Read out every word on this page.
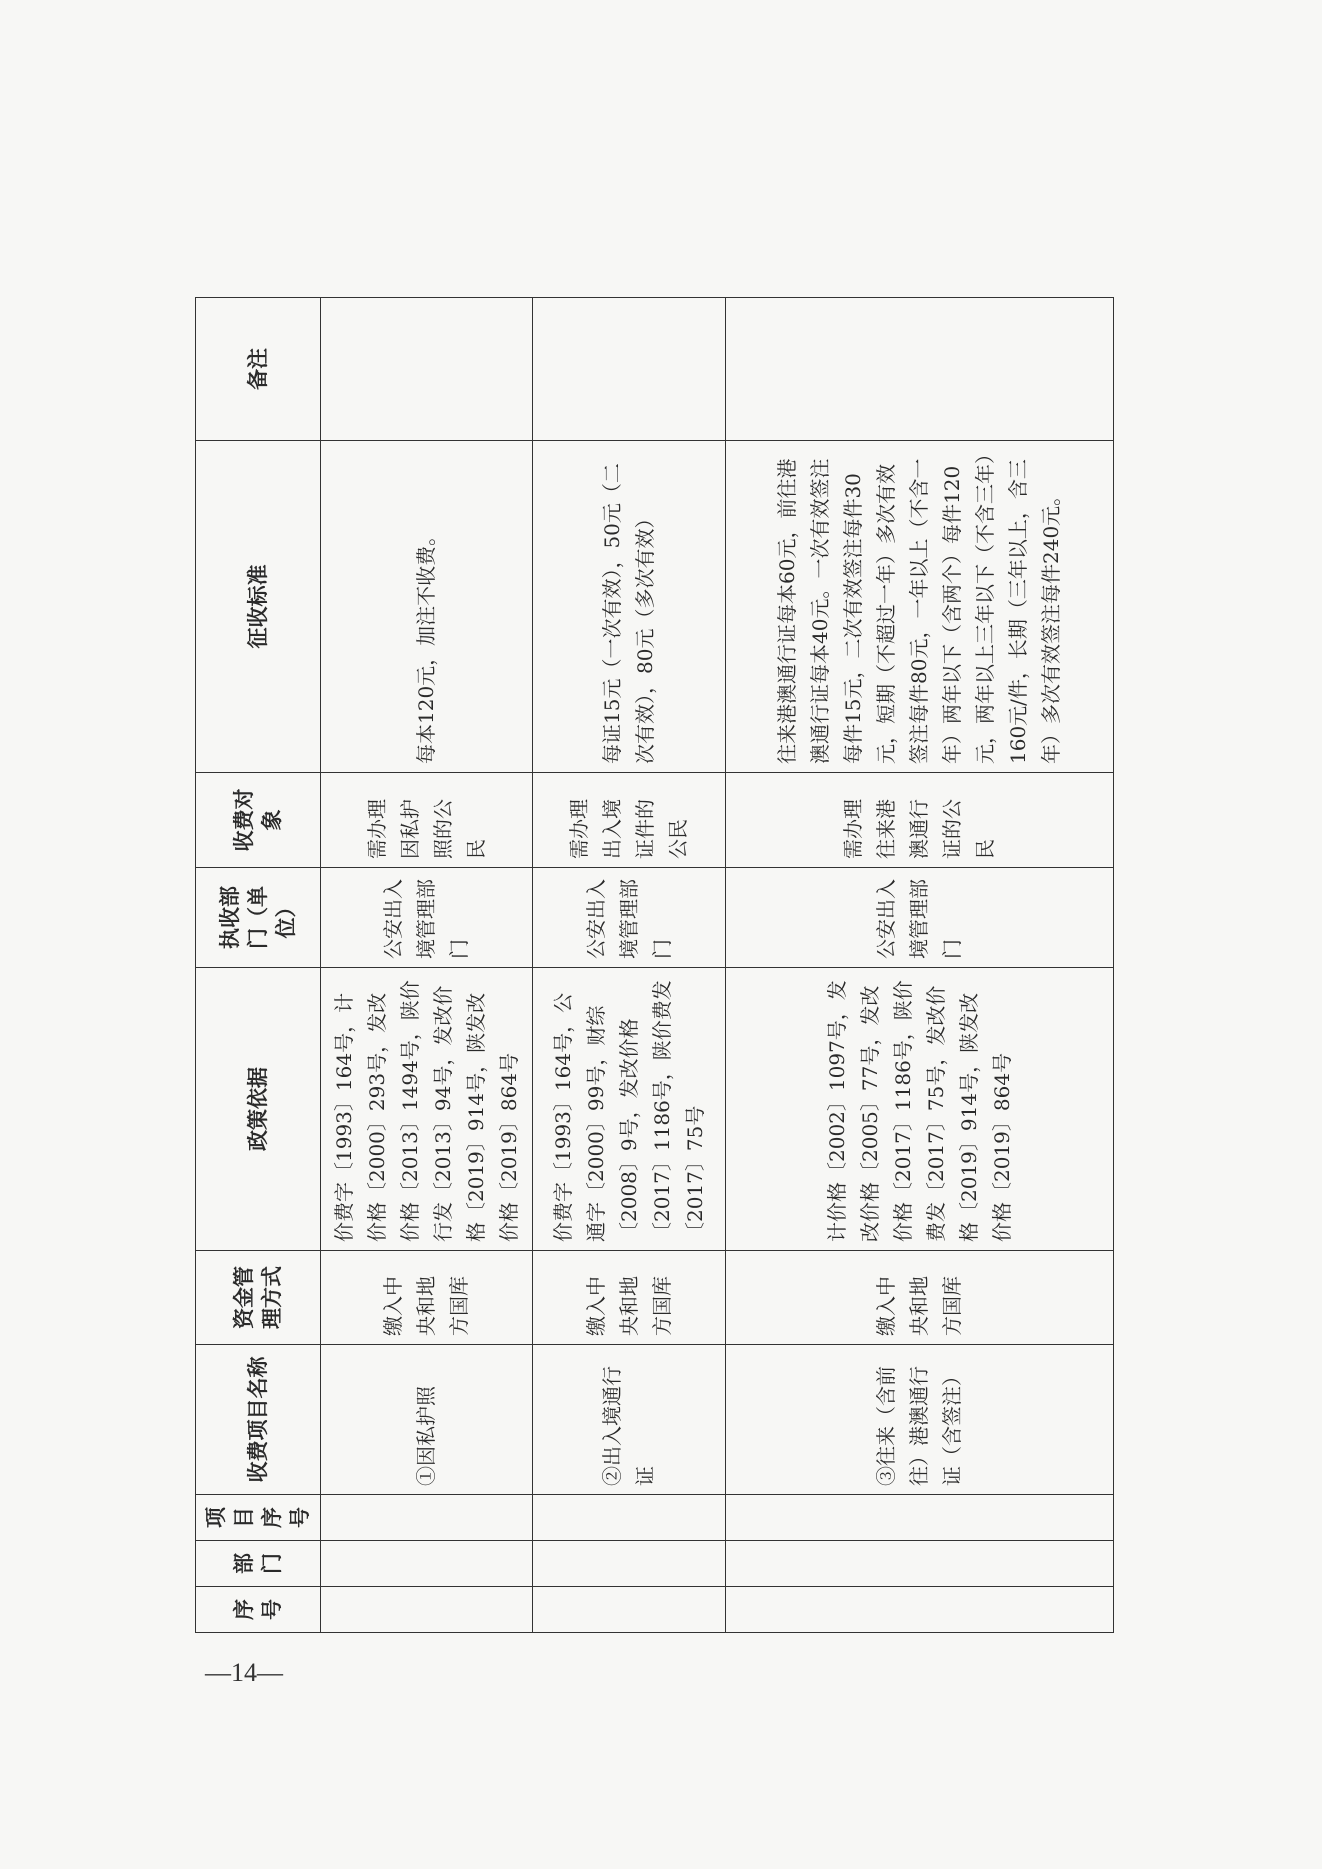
序号	部门	项目序号	收费项目名称	资金管理方式	政策依据	执收部门（单位）	收费对象	征收标准	备注
			①因私护照	缴入中央和地方国库	价费字〔1993〕164号，计价格〔2000〕293号，发改价格〔2013〕1494号，陕价行发〔2013〕94号，发改价格〔2019〕914号，陕发改价格〔2019〕864号	公安出入境管理部门	需办理因私护照的公民	每本120元，加注不收费。	
			②出入境通行证	缴入中央和地方国库	价费字〔1993〕164号，公通字〔2000〕99号，财综〔2008〕9号，发改价格〔2017〕1186号，陕价费发〔2017〕75号	公安出入境管理部门	需办理出入境证件的公民	每证15元（一次有效），50元（二次有效），80元（多次有效）	
			③往来（含前往）港澳通行证（含签注）	缴入中央和地方国库	计价格〔2002〕1097号，发改价格〔2005〕77号，发改价格〔2017〕1186号，陕价费发〔2017〕75号，发改价格〔2019〕914号，陕发改价格〔2019〕864号	公安出入境管理部门	需办理往来港澳通行证的公民	往来港澳通行证每本60元，前往港澳通行证每本40元。一次有效签注每件15元，二次有效签注每件30元，短期（不超过一年）多次有效签注每件80元，一年以上（不含一年）两年以下（含两个）每件120元，两年以上三年以下（不含三年）160元/件，长期（三年以上，含三年）多次有效签注每件240元。	
—14—
